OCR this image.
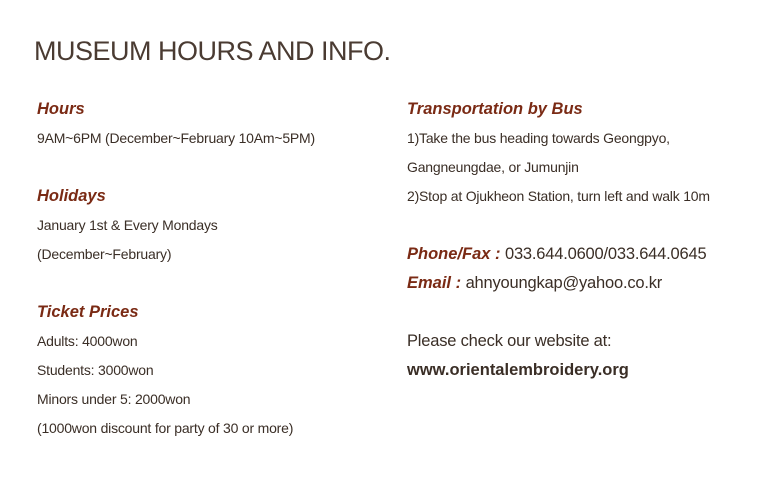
MUSEUM HOURS AND INFO.
Hours
9AM~6PM (December~February 10Am~5PM)
Holidays
January 1st & Every Mondays
(December~February)
Ticket Prices
Adults: 4000won
Students: 3000won
Minors under 5: 2000won
(1000won discount for party of 30 or more)
Transportation by Bus
1)Take the bus heading towards Geongpyo,
Gangneungdae, or Jumunjin
2)Stop at Ojukheon Station, turn left and walk 10m
Phone/Fax : 033.644.0600/033.644.0645
Email : ahnyoungkap@yahoo.co.kr
Please check our website at:
www.orientalembroidery.org
